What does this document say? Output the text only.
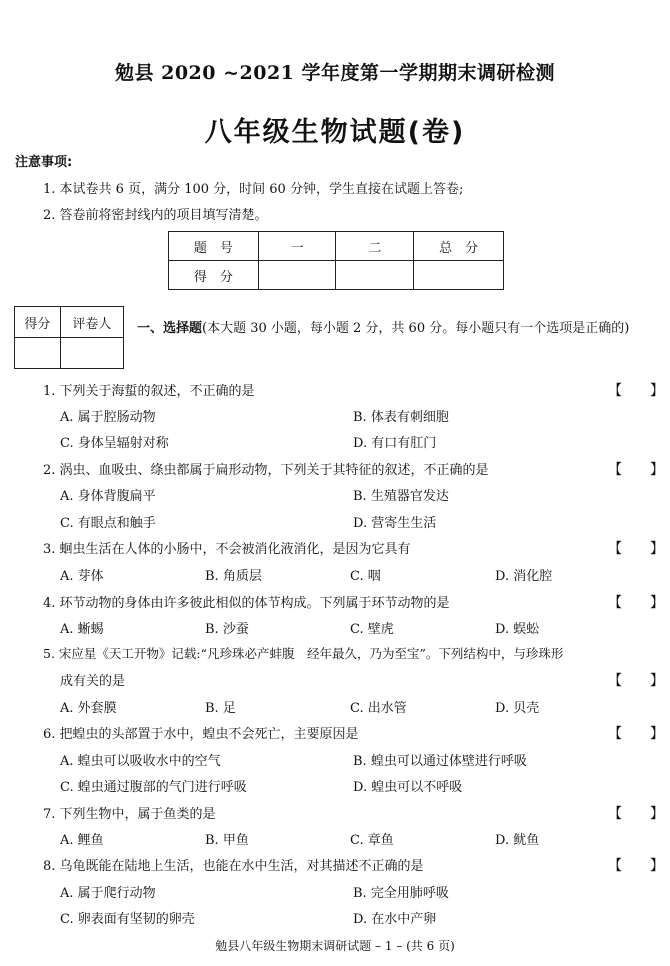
勉县 2020 ~2021 学年度第一学期期末调研检测
八年级生物试题(卷)
注意事项:
1. 本试卷共 6 页，满分 100 分，时间 60 分钟，学生直接在试题上答卷;
2. 答卷前将密封线内的项目填写清楚。
题　号	一	二	总　分
得　分			
得分	评卷人
	一、选择题(本大题 30 小题，每小题 2 分，共 60 分。每小题只有一个选项是正确的)
1. 下列关于海蜇的叙述，不正确的是	【　　】
A. 属于腔肠动物	B. 体表有刺细胞
C. 身体呈辐射对称	D. 有口有肛门
2. 涡虫、血吸虫、绦虫都属于扁形动物，下列关于其特征的叙述，不正确的是	【　　】
A. 身体背腹扁平	B. 生殖器官发达
C. 有眼点和触手	D. 营寄生生活
3. 蛔虫生活在人体的小肠中，不会被消化液消化，是因为它具有	【　　】
A. 芽体	B. 角质层	C. 咽	D. 消化腔
4. 环节动物的身体由许多彼此相似的体节构成。下列属于环节动物的是	【　　】
A. 蜥蜴	B. 沙蚕	C. 壁虎	D. 蜈蚣
5. 宋应星《天工开物》记载:“凡珍珠必产蚌腹　经年最久，乃为至宝”。下列结构中，与珍珠形
成有关的是	【　　】
A. 外套膜	B. 足	C. 出水管	D. 贝壳
6. 把蝗虫的头部置于水中，蝗虫不会死亡，主要原因是	【　　】
A. 蝗虫可以吸收水中的空气	B. 蝗虫可以通过体壁进行呼吸
C. 蝗虫通过腹部的气门进行呼吸	D. 蝗虫可以不呼吸
7. 下列生物中，属于鱼类的是	【　　】
A. 鲤鱼	B. 甲鱼	C. 章鱼	D. 鱿鱼
8. 乌龟既能在陆地上生活，也能在水中生活，对其描述不正确的是	【　　】
A. 属于爬行动物	B. 完全用肺呼吸
C. 卵表面有坚韧的卵壳	D. 在水中产卵
勉县八年级生物期末调研试题 – 1 – (共 6 页)
